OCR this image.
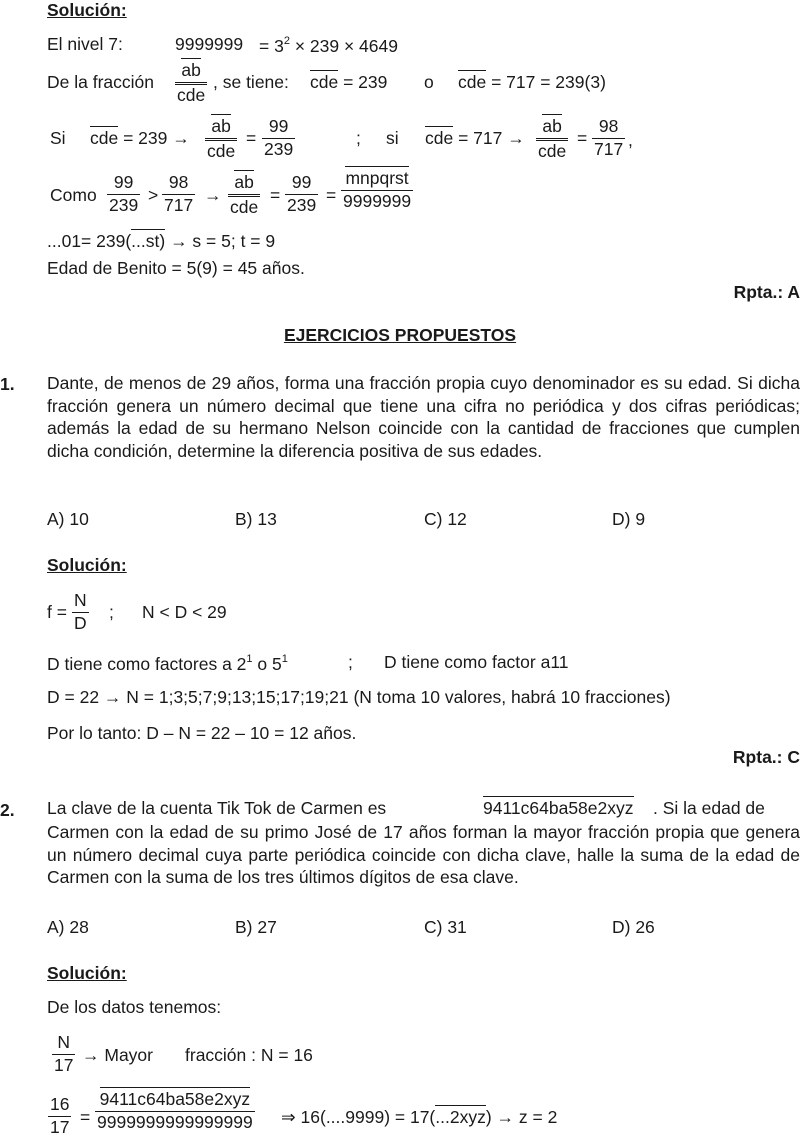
Solución:
El nivel 7:	$9999999 = 3^2 \times 239 \times 4649$
De la fracción
ab
cde
, se tiene: cde = 239 o cde = 717 = 239(3)
Si cde = 239 →
ab
cde
=
99
239
; si cde = 717 →
ab
cde
=
98
717 ,
Como
99
239 >
98
717 →
ab
cde
=
99
239 =
mnpqrst
9999999
...01= 239(...st) → s = 5; t = 9
Edad de Benito = 5(9) = 45 años.
Rpta.: A
EJERCICIOS PROPUESTOS
1. Dante, de menos de 29 años, forma una fracción propia cuyo denominador es su edad. Si dicha fracción genera un número decimal que tiene una cifra no periódica y dos cifras periódicas; además la edad de su hermano Nelson coincide con la cantidad de fracciones que cumplen dicha condición, determine la diferencia positiva de sus edades.
A) 10	B) 13	C) 12	D) 9
Solución:
f =
N
D
; N < D < 29
D tiene como factores a $2^1$ o $5^1$	; D tiene como factor a11
D = 22 → N = 1;3;5;7;9;13;15;17;19;21 (N toma 10 valores, habrá 10 fracciones)
Por lo tanto: D – N = 22 – 10 = 12 años.
Rpta.: C
2. La clave de la cuenta Tik Tok de Carmen es	9411c64ba58e2xyz . Si la edad de
Carmen con la edad de su primo José de 17 años forman la mayor fracción propia que genera un número decimal cuya parte periódica coincide con dicha clave, halle la suma de la edad de Carmen con la suma de los tres últimos dígitos de esa clave.
A) 28	B) 27	C) 31	D) 26
Solución:
De los datos tenemos:
N
17 → Mayor fracción : N = 16
16
17 =
9411c64ba58e2xyz
9999999999999999 ⇒ 16(....9999) = 17(...2xyz) → z = 2
